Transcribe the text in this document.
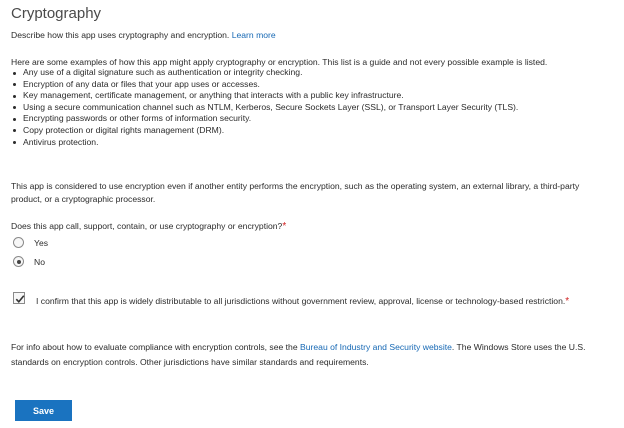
Cryptography
Describe how this app uses cryptography and encryption. Learn more
Here are some examples of how this app might apply cryptography or encryption. This list is a guide and not every possible example is listed.
Any use of a digital signature such as authentication or integrity checking.
Encryption of any data or files that your app uses or accesses.
Key management, certificate management, or anything that interacts with a public key infrastructure.
Using a secure communication channel such as NTLM, Kerberos, Secure Sockets Layer (SSL), or Transport Layer Security (TLS).
Encrypting passwords or other forms of information security.
Copy protection or digital rights management (DRM).
Antivirus protection.
This app is considered to use encryption even if another entity performs the encryption, such as the operating system, an external library, a third-party product, or a cryptographic processor.
Does this app call, support, contain, or use cryptography or encryption?*
Yes
No
I confirm that this app is widely distributable to all jurisdictions without government review, approval, license or technology-based restriction.*
For info about how to evaluate compliance with encryption controls, see the Bureau of Industry and Security website. The Windows Store uses the U.S. standards on encryption controls. Other jurisdictions have similar standards and requirements.
Save
